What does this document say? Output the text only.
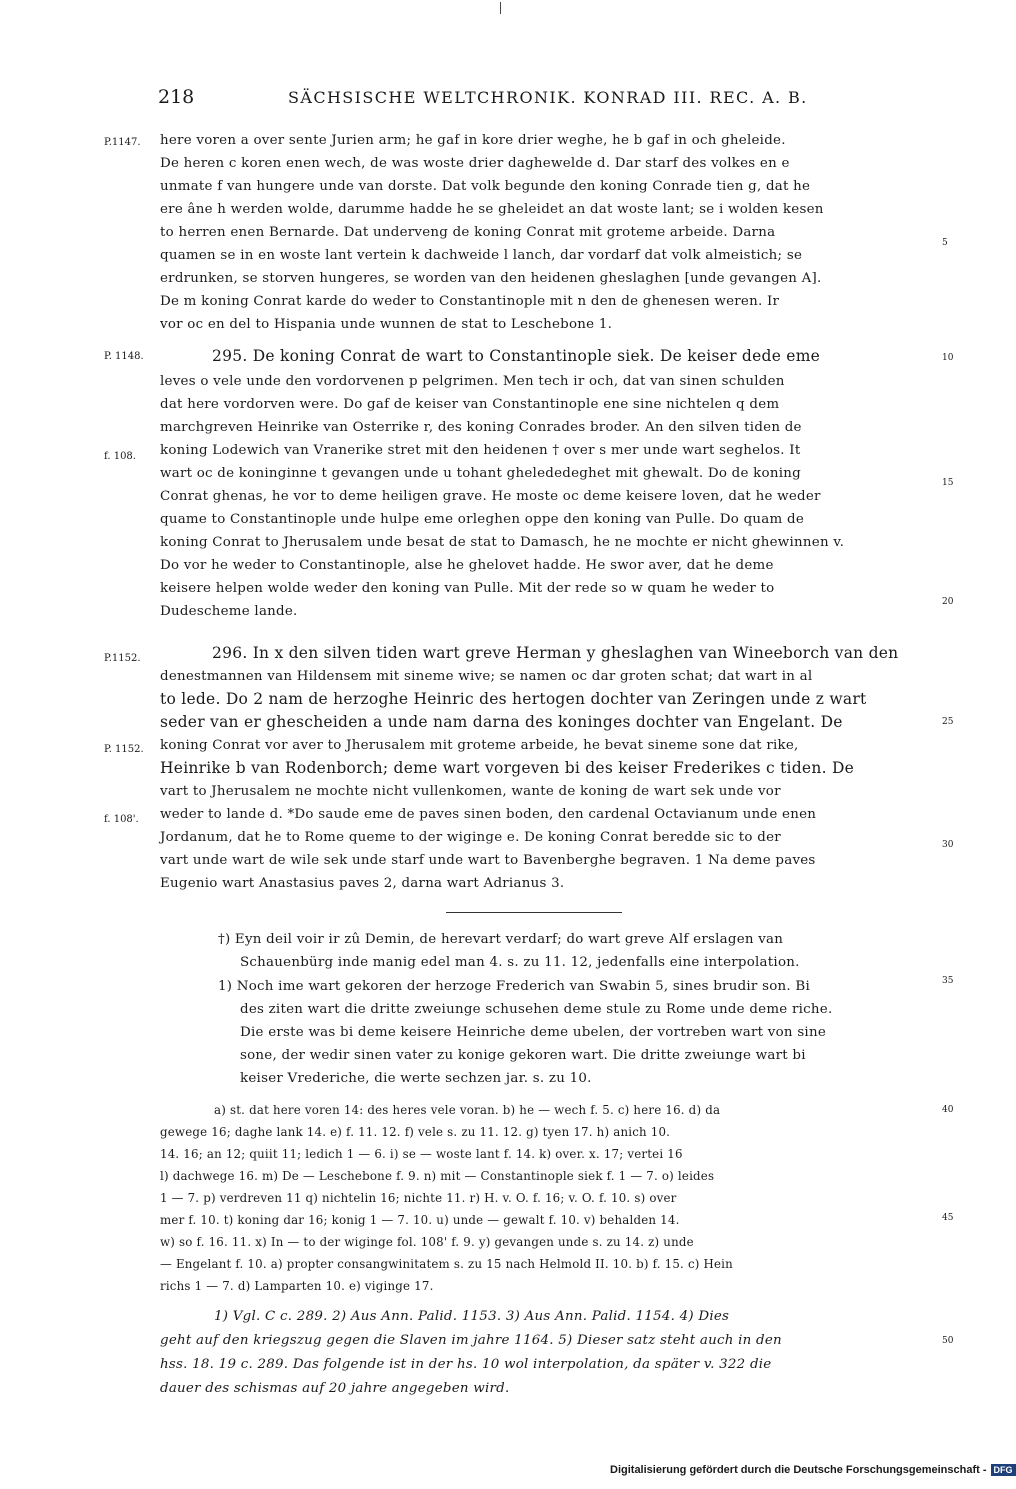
218	SÄCHSISCHE WELTCHRONIK. KONRAD III. REC. A. B.
P.1147.
P. 1148.
f. 108.
P.1152.
P. 1152.
f. 108'.
5
10
15
20
25
30
35
40
45
50
here voren a over sente Jurien arm; he gaf in kore drier weghe, he b gaf in och gheleide.
De heren c koren enen wech, de was woste drier daghewelde d. Dar starf des volkes en e
unmate f van hungere unde van dorste. Dat volk begunde den koning Conrade tien g, dat he
ere âne h werden wolde, darumme hadde he se gheleidet an dat woste lant; se i wolden kesen
to herren enen Bernarde. Dat underveng de koning Conrat mit groteme arbeide. Darna
quamen se in en woste lant vertein k dachweide l lanch, dar vordarf dat volk almeistich; se
erdrunken, se storven hungeres, se worden van den heidenen gheslaghen [unde gevangen A].
De m koning Conrat karde do weder to Constantinople mit n den de ghenesen weren. Ir
vor oc en del to Hispania unde wunnen de stat to Leschebone 1.
295. De koning Conrat de wart to Constantinople siek. De keiser dede eme
leves o vele unde den vordorvenen p pelgrimen. Men tech ir och, dat van sinen schulden
dat here vordorven were. Do gaf de keiser van Constantinople ene sine nichtelen q dem
marchgreven Heinrike van Osterrike r, des koning Conrades broder. An den silven tiden de
koning Lodewich van Vranerike stret mit den heidenen † over s mer unde wart seghelos. It
wart oc de koninginne t gevangen unde u tohant ghelededeghet mit ghewalt. Do de koning
Conrat ghenas, he vor to deme heiligen grave. He moste oc deme keisere loven, dat he weder
quame to Constantinople unde hulpe eme orleghen oppe den koning van Pulle. Do quam de
koning Conrat to Jherusalem unde besat de stat to Damasch, he ne mochte er nicht ghewinnen v.
Do vor he weder to Constantinople, alse he ghelovet hadde. He swor aver, dat he deme
keisere helpen wolde weder den koning van Pulle. Mit der rede so w quam he weder to
Dudescheme lande.
296. In x den silven tiden wart greve Herman y gheslaghen van Wineeborch van den
denestmannen van Hildensem mit sineme wive; se namen oc dar groten schat; dat wart in al
to lede. Do 2 nam de herzoghe Heinric des hertogen dochter van Zeringen unde z wart
seder van er ghescheiden a unde nam darna des koninges dochter van Engelant. De
koning Conrat vor aver to Jherusalem mit groteme arbeide, he bevat sineme sone dat rike,
Heinrike b van Rodenborch; deme wart vorgeven bi des keiser Frederikes c tiden. De
vart to Jherusalem ne mochte nicht vullenkomen, wante de koning de wart sek unde vor
weder to lande d. *Do saude eme de paves sinen boden, den cardenal Octavianum unde enen
Jordanum, dat he to Rome queme to der wiginge e. De koning Conrat beredde sic to der
vart unde wart de wile sek unde starf unde wart to Bavenberghe begraven. 1 Na deme paves
Eugenio wart Anastasius paves 2, darna wart Adrianus 3.
†) Eyn deil voir ir zû Demin, de herevart verdarf; do wart greve Alf erslagen van
Schauenbürg inde manig edel man 4. s. zu 11. 12, jedenfalls eine interpolation.
1) Noch ime wart gekoren der herzoge Frederich van Swabin 5, sines brudir son. Bi
des ziten wart die dritte zweiunge schusehen deme stule zu Rome unde deme riche.
Die erste was bi deme keisere Heinriche deme ubelen, der vortreben wart von sine
sone, der wedir sinen vater zu konige gekoren wart. Die dritte zweiunge wart bi
keiser Vrederiche, die werte sechzen jar. s. zu 10.
a) st. dat here voren 14: des heres vele voran. b) he — wech f. 5. c) here 16. d) da
gewege 16; daghe lank 14. e) f. 11. 12. f) vele s. zu 11. 12. g) tyen 17. h) anich 10.
14. 16; an 12; quiit 11; ledich 1 — 6. i) se — woste lant f. 14. k) over. x. 17; vertei 16
l) dachwege 16. m) De — Leschebone f. 9. n) mit — Constantinople siek f. 1 — 7. o) leides
1 — 7. p) verdreven 11 q) nichtelin 16; nichte 11. r) H. v. O. f. 16; v. O. f. 10. s) over
mer f. 10. t) koning dar 16; konig 1 — 7. 10. u) unde — gewalt f. 10. v) behalden 14.
w) so f. 16. 11. x) In — to der wiginge fol. 108' f. 9. y) gevangen unde s. zu 14. z) unde
— Engelant f. 10. a) propter consangwinitatem s. zu 15 nach Helmold II. 10. b) f. 15. c) Hein
richs 1 — 7. d) Lamparten 10. e) viginge 17.
1) Vgl. C c. 289. 2) Aus Ann. Palid. 1153. 3) Aus Ann. Palid. 1154. 4) Dies
geht auf den kriegszug gegen die Slaven im jahre 1164. 5) Dieser satz steht auch in den
hss. 18. 19 c. 289. Das folgende ist in der hs. 10 wol interpolation, da später v. 322 die
dauer des schismas auf 20 jahre angegeben wird.
Digitalisierung gefördert durch die Deutsche Forschungsgemeinschaft - DFG
